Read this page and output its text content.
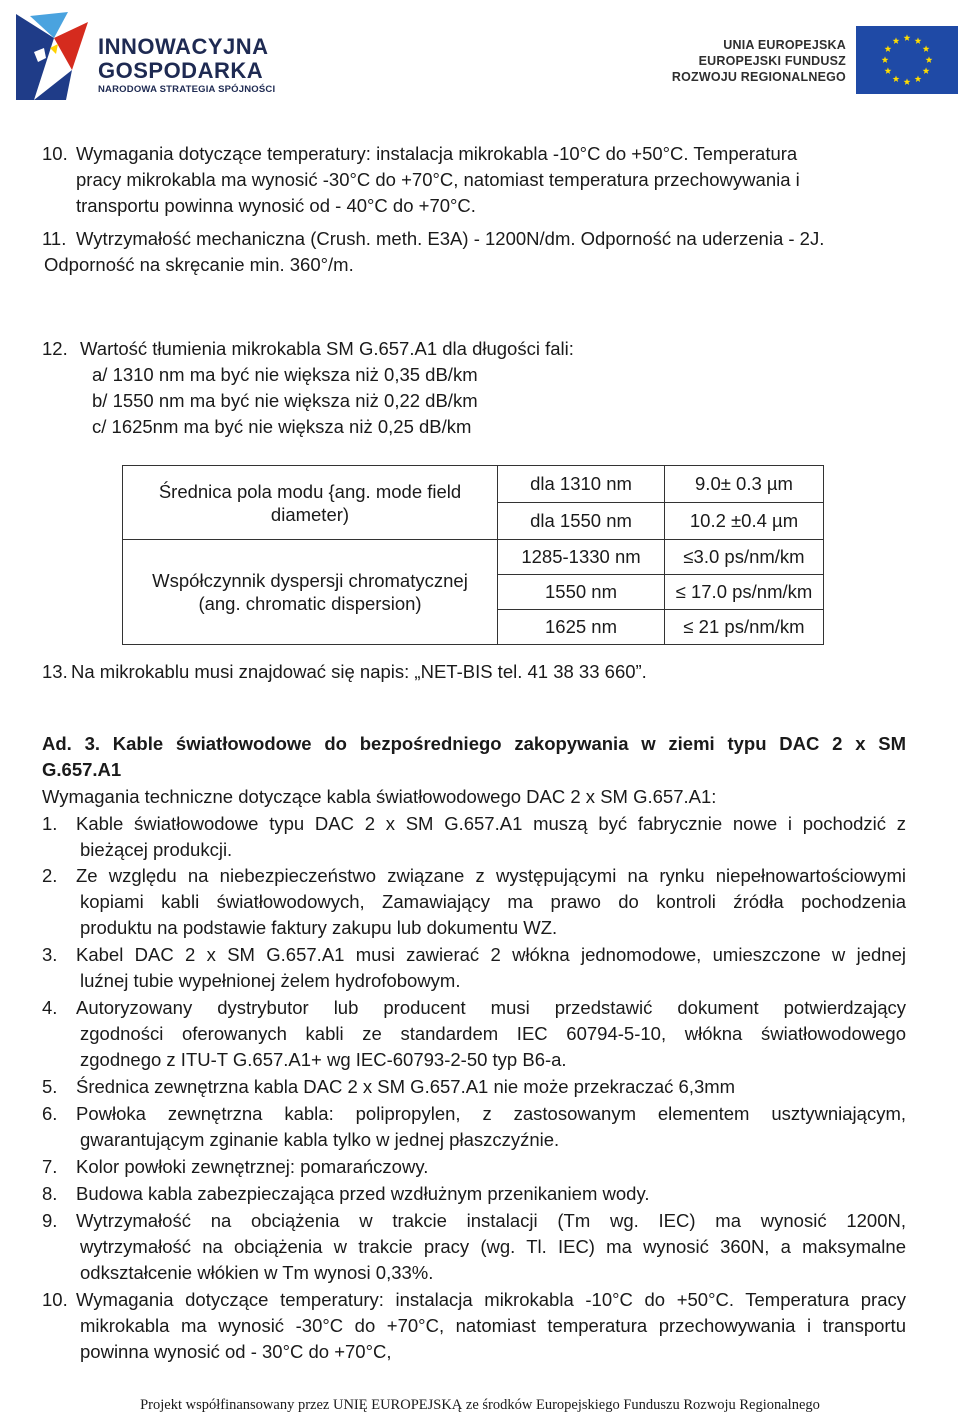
INNOWACYJNA
GOSPODARKA
NARODOWA STRATEGIA SPÓJNOŚCI
UNIA EUROPEJSKA
EUROPEJSKI FUNDUSZ
ROZWOJU REGIONALNEGO
10. Wymagania dotyczące temperatury: instalacja mikrokabla -10°C do +50°C. Temperatura
pracy mikrokabla ma wynosić -30°C do +70°C, natomiast temperatura przechowywania i
transportu powinna wynosić od - 40°C do +70°C.
11. Wytrzymałość mechaniczna (Crush. meth. E3A) - 1200N/dm. Odporność na uderzenia - 2J.
Odporność na skręcanie min. 360°/m.
12. Wartość tłumienia mikrokabla SM G.657.A1 dla długości fali:
a/ 1310 nm ma być nie większa niż 0,35 dB/km
b/ 1550 nm ma być nie większa niż 0,22 dB/km
c/ 1625nm ma być nie większa niż 0,25 dB/km
Średnica pola modu {ang. mode field
diameter)	dla 1310 nm	9.0± 0.3 µm
	dla 1550 nm	10.2 ±0.4 µm

Współczynnik dyspersji chromatycznej
(ang. chromatic dispersion)	1285-1330 nm	≤3.0 ps/nm/km
	1550 nm	≤ 17.0 ps/nm/km
	1625 nm	≤ 21 ps/nm/km
13. Na mikrokablu musi znajdować się napis: „NET-BIS tel. 41 38 33 660”.
Ad. 3. Kable światłowodowe do bezpośredniego zakopywania w ziemi typu DAC 2 x SM
G.657.A1
Wymagania techniczne dotyczące kabla światłowodowego DAC 2 x SM G.657.A1:
1. Kable światłowodowe typu DAC 2 x SM G.657.A1 muszą być fabrycznie nowe i pochodzić z
bieżącej produkcji.
2. Ze względu na niebezpieczeństwo związane z występującymi na rynku niepełnowartościowymi
kopiami kabli światłowodowych, Zamawiający ma prawo do kontroli źródła pochodzenia
produktu na podstawie faktury zakupu lub dokumentu WZ.
3. Kabel DAC 2 x SM G.657.A1 musi zawierać 2 włókna jednomodowe, umieszczone w jednej
luźnej tubie wypełnionej żelem hydrofobowym.
4. Autoryzowany dystrybutor lub producent musi przedstawić dokument potwierdzający
zgodności oferowanych kabli ze standardem IEC 60794-5-10, włókna światłowodowego
zgodnego z ITU-T G.657.A1+ wg IEC-60793-2-50 typ B6-a.
5. Średnica zewnętrzna kabla DAC 2 x SM G.657.A1 nie może przekraczać 6,3mm
6. Powłoka zewnętrzna kabla: polipropylen, z zastosowanym elementem usztywniającym,
gwarantującym zginanie kabla tylko w jednej płaszczyźnie.
7. Kolor powłoki zewnętrznej: pomarańczowy.
8. Budowa kabla zabezpieczająca przed wzdłużnym przenikaniem wody.
9. Wytrzymałość na obciążenia w trakcie instalacji (Tm wg. IEC) ma wynosić 1200N,
wytrzymałość na obciążenia w trakcie pracy (wg. Tl. IEC) ma wynosić 360N, a maksymalne
odkształcenie włókien w Tm wynosi 0,33%.
10. Wymagania dotyczące temperatury: instalacja mikrokabla -10°C do +50°C. Temperatura pracy
mikrokabla ma wynosić -30°C do +70°C, natomiast temperatura przechowywania i transportu
powinna wynosić od - 30°C do +70°C,
Projekt współfinansowany przez UNIĘ EUROPEJSKĄ ze środków Europejskiego Funduszu Rozwoju Regionalnego
